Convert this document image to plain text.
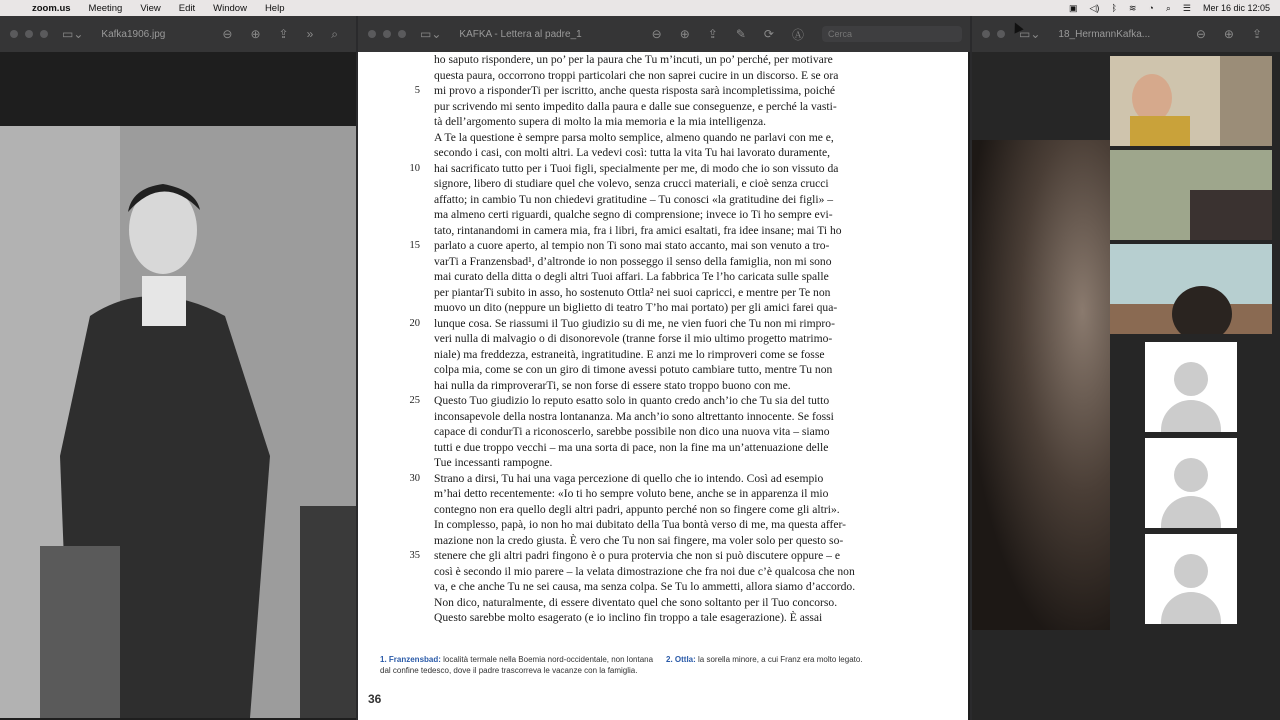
zoom.us Meeting View Edit Window Help	▣ ◁) ᛒ ≋ ◔ ⌕ ☰ Mer 16 dic 12:05
▭⌄ Kafka1906.jpg	⊖ ⊕ ⇪ » ⌕	▭⌄ KAFKA - Lettera al padre_1	⊖ ⊕ ⇪ ✎ ⟳ Ⓐ
Cerca
ho saputo rispondere, un po’ per la paura che Tu m’incuti, un po’ perché, per motivare
questa paura, occorrono troppi particolari che non saprei cucire in un discorso. E se ora
5 mi provo a risponderTi per iscritto, anche questa risposta sarà incompletissima, poiché
pur scrivendo mi sento impedito dalla paura e dalle sue conseguenze, e perché la vasti-
tà dell’argomento supera di molto la mia memoria e la mia intelligenza.
A Te la questione è sempre parsa molto semplice, almeno quando ne parlavi con me e,
secondo i casi, con molti altri. La vedevi così: tutta la vita Tu hai lavorato duramente,
10 hai sacrificato tutto per i Tuoi figli, specialmente per me, di modo che io son vissuto da
signore, libero di studiare quel che volevo, senza crucci materiali, e cioè senza crucci
affatto; in cambio Tu non chiedevi gratitudine – Tu conosci «la gratitudine dei figli» –
ma almeno certi riguardi, qualche segno di comprensione; invece io Ti ho sempre evi-
tato, rintanandomi in camera mia, fra i libri, fra amici esaltati, fra idee insane; mai Ti ho
15 parlato a cuore aperto, al tempio non Ti sono mai stato accanto, mai son venuto a tro-
varTi a Franzensbad¹, d’altronde io non posseggo il senso della famiglia, non mi sono
mai curato della ditta o degli altri Tuoi affari. La fabbrica Te l’ho caricata sulle spalle
per piantarTi subito in asso, ho sostenuto Ottla² nei suoi capricci, e mentre per Te non
muovo un dito (neppure un biglietto di teatro T’ho mai portato) per gli amici farei qua-
20 lunque cosa. Se riassumi il Tuo giudizio su di me, ne vien fuori che Tu non mi rimpro-
veri nulla di malvagio o di disonorevole (tranne forse il mio ultimo progetto matrimo-
niale) ma freddezza, estraneità, ingratitudine. E anzi me lo rimproveri come se fosse
colpa mia, come se con un giro di timone avessi potuto cambiare tutto, mentre Tu non
hai nulla da rimproverarTi, se non forse di essere stato troppo buono con me.
25 Questo Tuo giudizio lo reputo esatto solo in quanto credo anch’io che Tu sia del tutto
inconsapevole della nostra lontananza. Ma anch’io sono altrettanto innocente. Se fossi
capace di condurTi a riconoscerlo, sarebbe possibile non dico una nuova vita – siamo
tutti e due troppo vecchi – ma una sorta di pace, non la fine ma un’attenuazione delle
Tue incessanti rampogne.
30 Strano a dirsi, Tu hai una vaga percezione di quello che io intendo. Così ad esempio
m’hai detto recentemente: «Io ti ho sempre voluto bene, anche se in apparenza il mio
contegno non era quello degli altri padri, appunto perché non so fingere come gli altri».
In complesso, papà, io non ho mai dubitato della Tua bontà verso di me, ma questa affer-
mazione non la credo giusta. È vero che Tu non sai fingere, ma voler solo per questo so-
35 stenere che gli altri padri fingono è o pura protervia che non si può discutere oppure – e
così è secondo il mio parere – la velata dimostrazione che fra noi due c’è qualcosa che non
va, e che anche Tu ne sei causa, ma senza colpa. Se Tu lo ammetti, allora siamo d’accordo.
Non dico, naturalmente, di essere diventato quel che sono soltanto per il Tuo concorso.
Questo sarebbe molto esagerato (e io inclino fin troppo a tale esagerazione). È assai
1. Franzensbad: località termale nella Boemia nord-occidentale, non lontana dal confine tedesco, dove il padre trascorreva le vacanze con la famiglia.
2. Ottla: la sorella minore, a cui Franz era molto legato.
36
▭⌄ 18_HermannKafka...	⊖ ⊕ ⇪
